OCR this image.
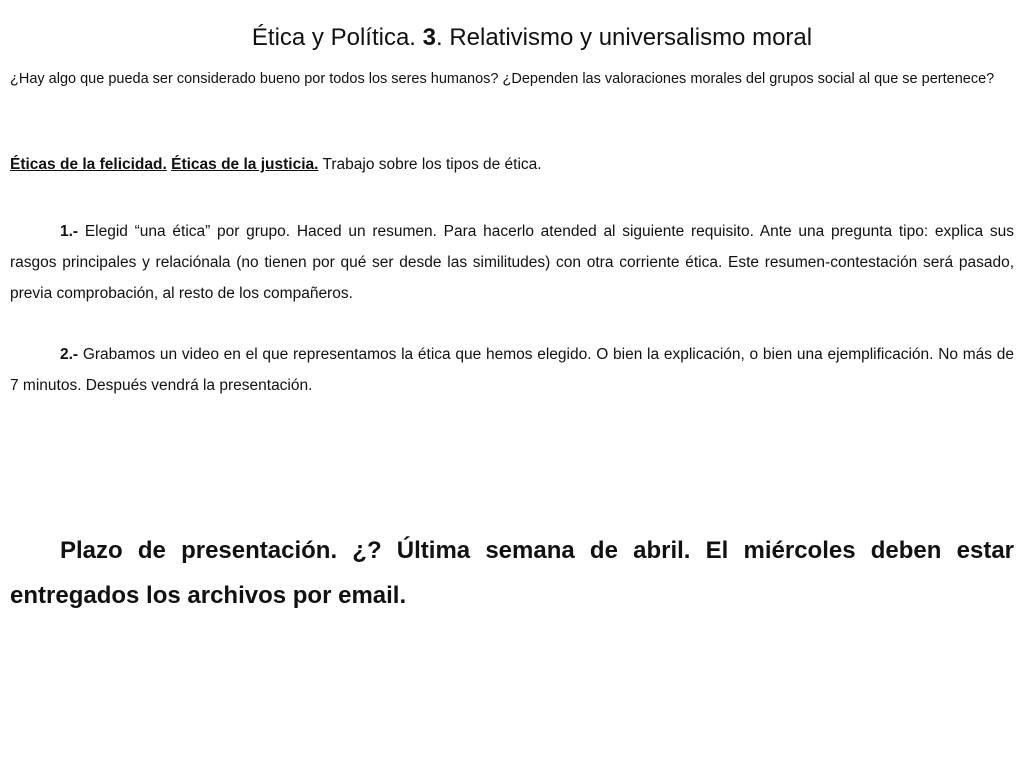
Ética y Política. 3. Relativismo y universalismo moral
¿Hay algo que pueda ser considerado bueno por todos los seres humanos? ¿Dependen las valoraciones morales del grupos social al que se pertenece?
Éticas de la felicidad. Éticas de la justicia. Trabajo sobre los tipos de ética.
1.- Elegid “una ética” por grupo. Haced un resumen. Para hacerlo atended al siguiente requisito. Ante una pregunta tipo: explica sus rasgos principales y relaciónala (no tienen por qué ser desde las similitudes) con otra corriente ética. Este resumen-contestación será pasado, previa comprobación, al resto de los compañeros.
2.- Grabamos un video en el que representamos la ética que hemos elegido. O bien la explicación, o bien una ejemplificación. No más de 7 minutos. Después vendrá la presentación.
Plazo de presentación. ¿? Última semana de abril. El miércoles deben estar entregados los archivos por email.
